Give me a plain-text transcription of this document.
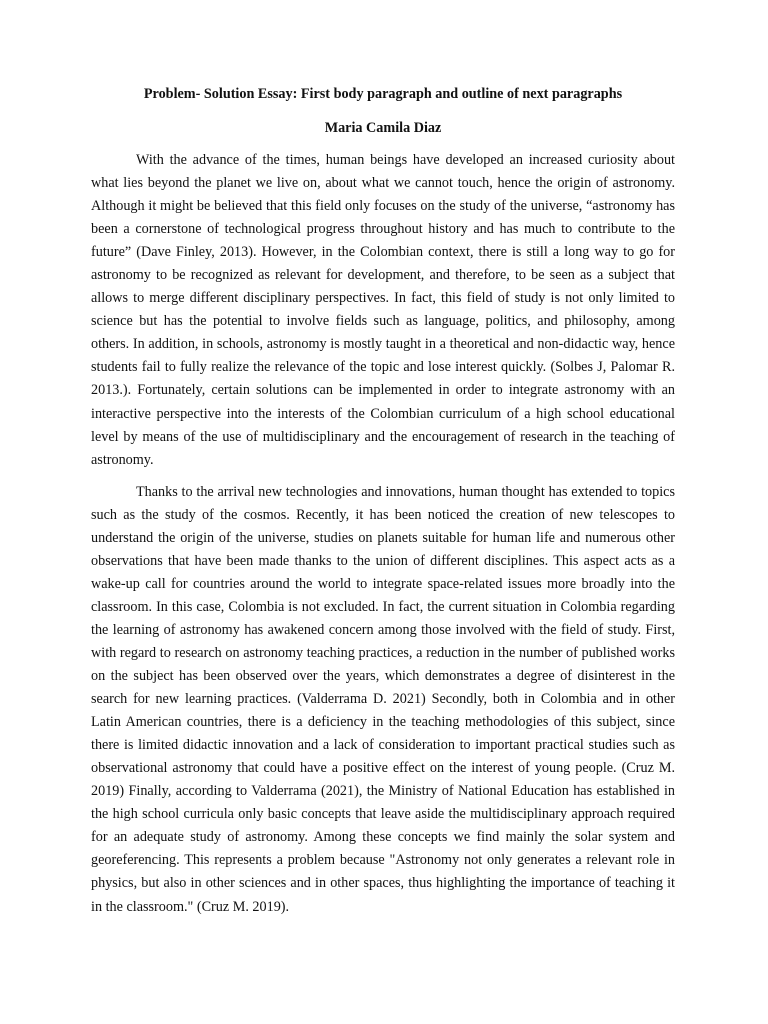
Problem- Solution Essay: First body paragraph and outline of next paragraphs

Maria Camila Diaz

With the advance of the times, human beings have developed an increased curiosity about what lies beyond the planet we live on, about what we cannot touch, hence the origin of astronomy. Although it might be believed that this field only focuses on the study of the universe, “astronomy has been a cornerstone of technological progress throughout history and has much to contribute to the future” (Dave Finley, 2013). However, in the Colombian context, there is still a long way to go for astronomy to be recognized as relevant for development, and therefore, to be seen as a subject that allows to merge different disciplinary perspectives. In fact, this field of study is not only limited to science but has the potential to involve fields such as language, politics, and philosophy, among others. In addition, in schools, astronomy is mostly taught in a theoretical and non-didactic way, hence students fail to fully realize the relevance of the topic and lose interest quickly. (Solbes J, Palomar R. 2013.). Fortunately, certain solutions can be implemented in order to integrate astronomy with an interactive perspective into the interests of the Colombian curriculum of a high school educational level by means of the use of multidisciplinary and the encouragement of research in the teaching of astronomy.

Thanks to the arrival new technologies and innovations, human thought has extended to topics such as the study of the cosmos. Recently, it has been noticed the creation of new telescopes to understand the origin of the universe, studies on planets suitable for human life and numerous other observations that have been made thanks to the union of different disciplines. This aspect acts as a wake-up call for countries around the world to integrate space-related issues more broadly into the classroom. In this case, Colombia is not excluded. In fact, the current situation in Colombia regarding the learning of astronomy has awakened concern among those involved with the field of study. First, with regard to research on astronomy teaching practices, a reduction in the number of published works on the subject has been observed over the years, which demonstrates a degree of disinterest in the search for new learning practices. (Valderrama D. 2021) Secondly, both in Colombia and in other Latin American countries, there is a deficiency in the teaching methodologies of this subject, since there is limited didactic innovation and a lack of consideration to important practical studies such as observational astronomy that could have a positive effect on the interest of young people. (Cruz M. 2019) Finally, according to Valderrama (2021), the Ministry of National Education has established in the high school curricula only basic concepts that leave aside the multidisciplinary approach required for an adequate study of astronomy. Among these concepts we find mainly the solar system and georeferencing. This represents a problem because "Astronomy not only generates a relevant role in physics, but also in other sciences and in other spaces, thus highlighting the importance of teaching it in the classroom." (Cruz M. 2019).
